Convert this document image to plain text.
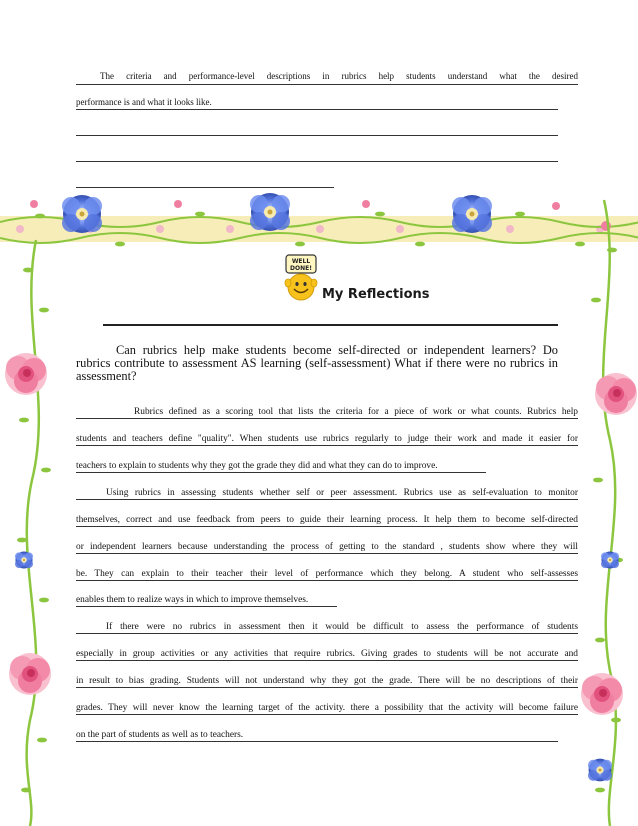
The criteria and performance-level descriptions in rubrics help students understand what the desired
performance is and what it looks like.
WELL
DONE!
My Reflections
Can rubrics help make students become self-directed or independent learners? Do rubrics contribute to assessment AS learning (self-assessment) What if there were no rubrics in assessment?
Rubrics defined as a scoring tool that lists the criteria for a piece of work or what counts. Rubrics help
students and teachers define "quality". When students use rubrics regularly to judge their work and made it easier for
teachers to explain to students why they got the grade they did and what they can do to improve.
Using rubrics in assessing students whether self or peer assessment. Rubrics use as self-evaluation to monitor
themselves, correct and use feedback from peers to guide their learning process. It help them to become self-directed
or independent learners because understanding the process of getting to the standard , students show where they will
be. They can explain to their teacher their level of performance which they belong. A student who self-assesses
enables them to realize ways in which to improve themselves.
If there were no rubrics in assessment then it would be difficult to assess the performance of students
especially in group activities or any activities that require rubrics. Giving grades to students will be not accurate and
in result to bias grading. Students will not understand why they got the grade. There will be no descriptions of their
grades. They will never know the learning target of the activity. there a possibility that the activity will become failure
on the part of students as well as to teachers.
